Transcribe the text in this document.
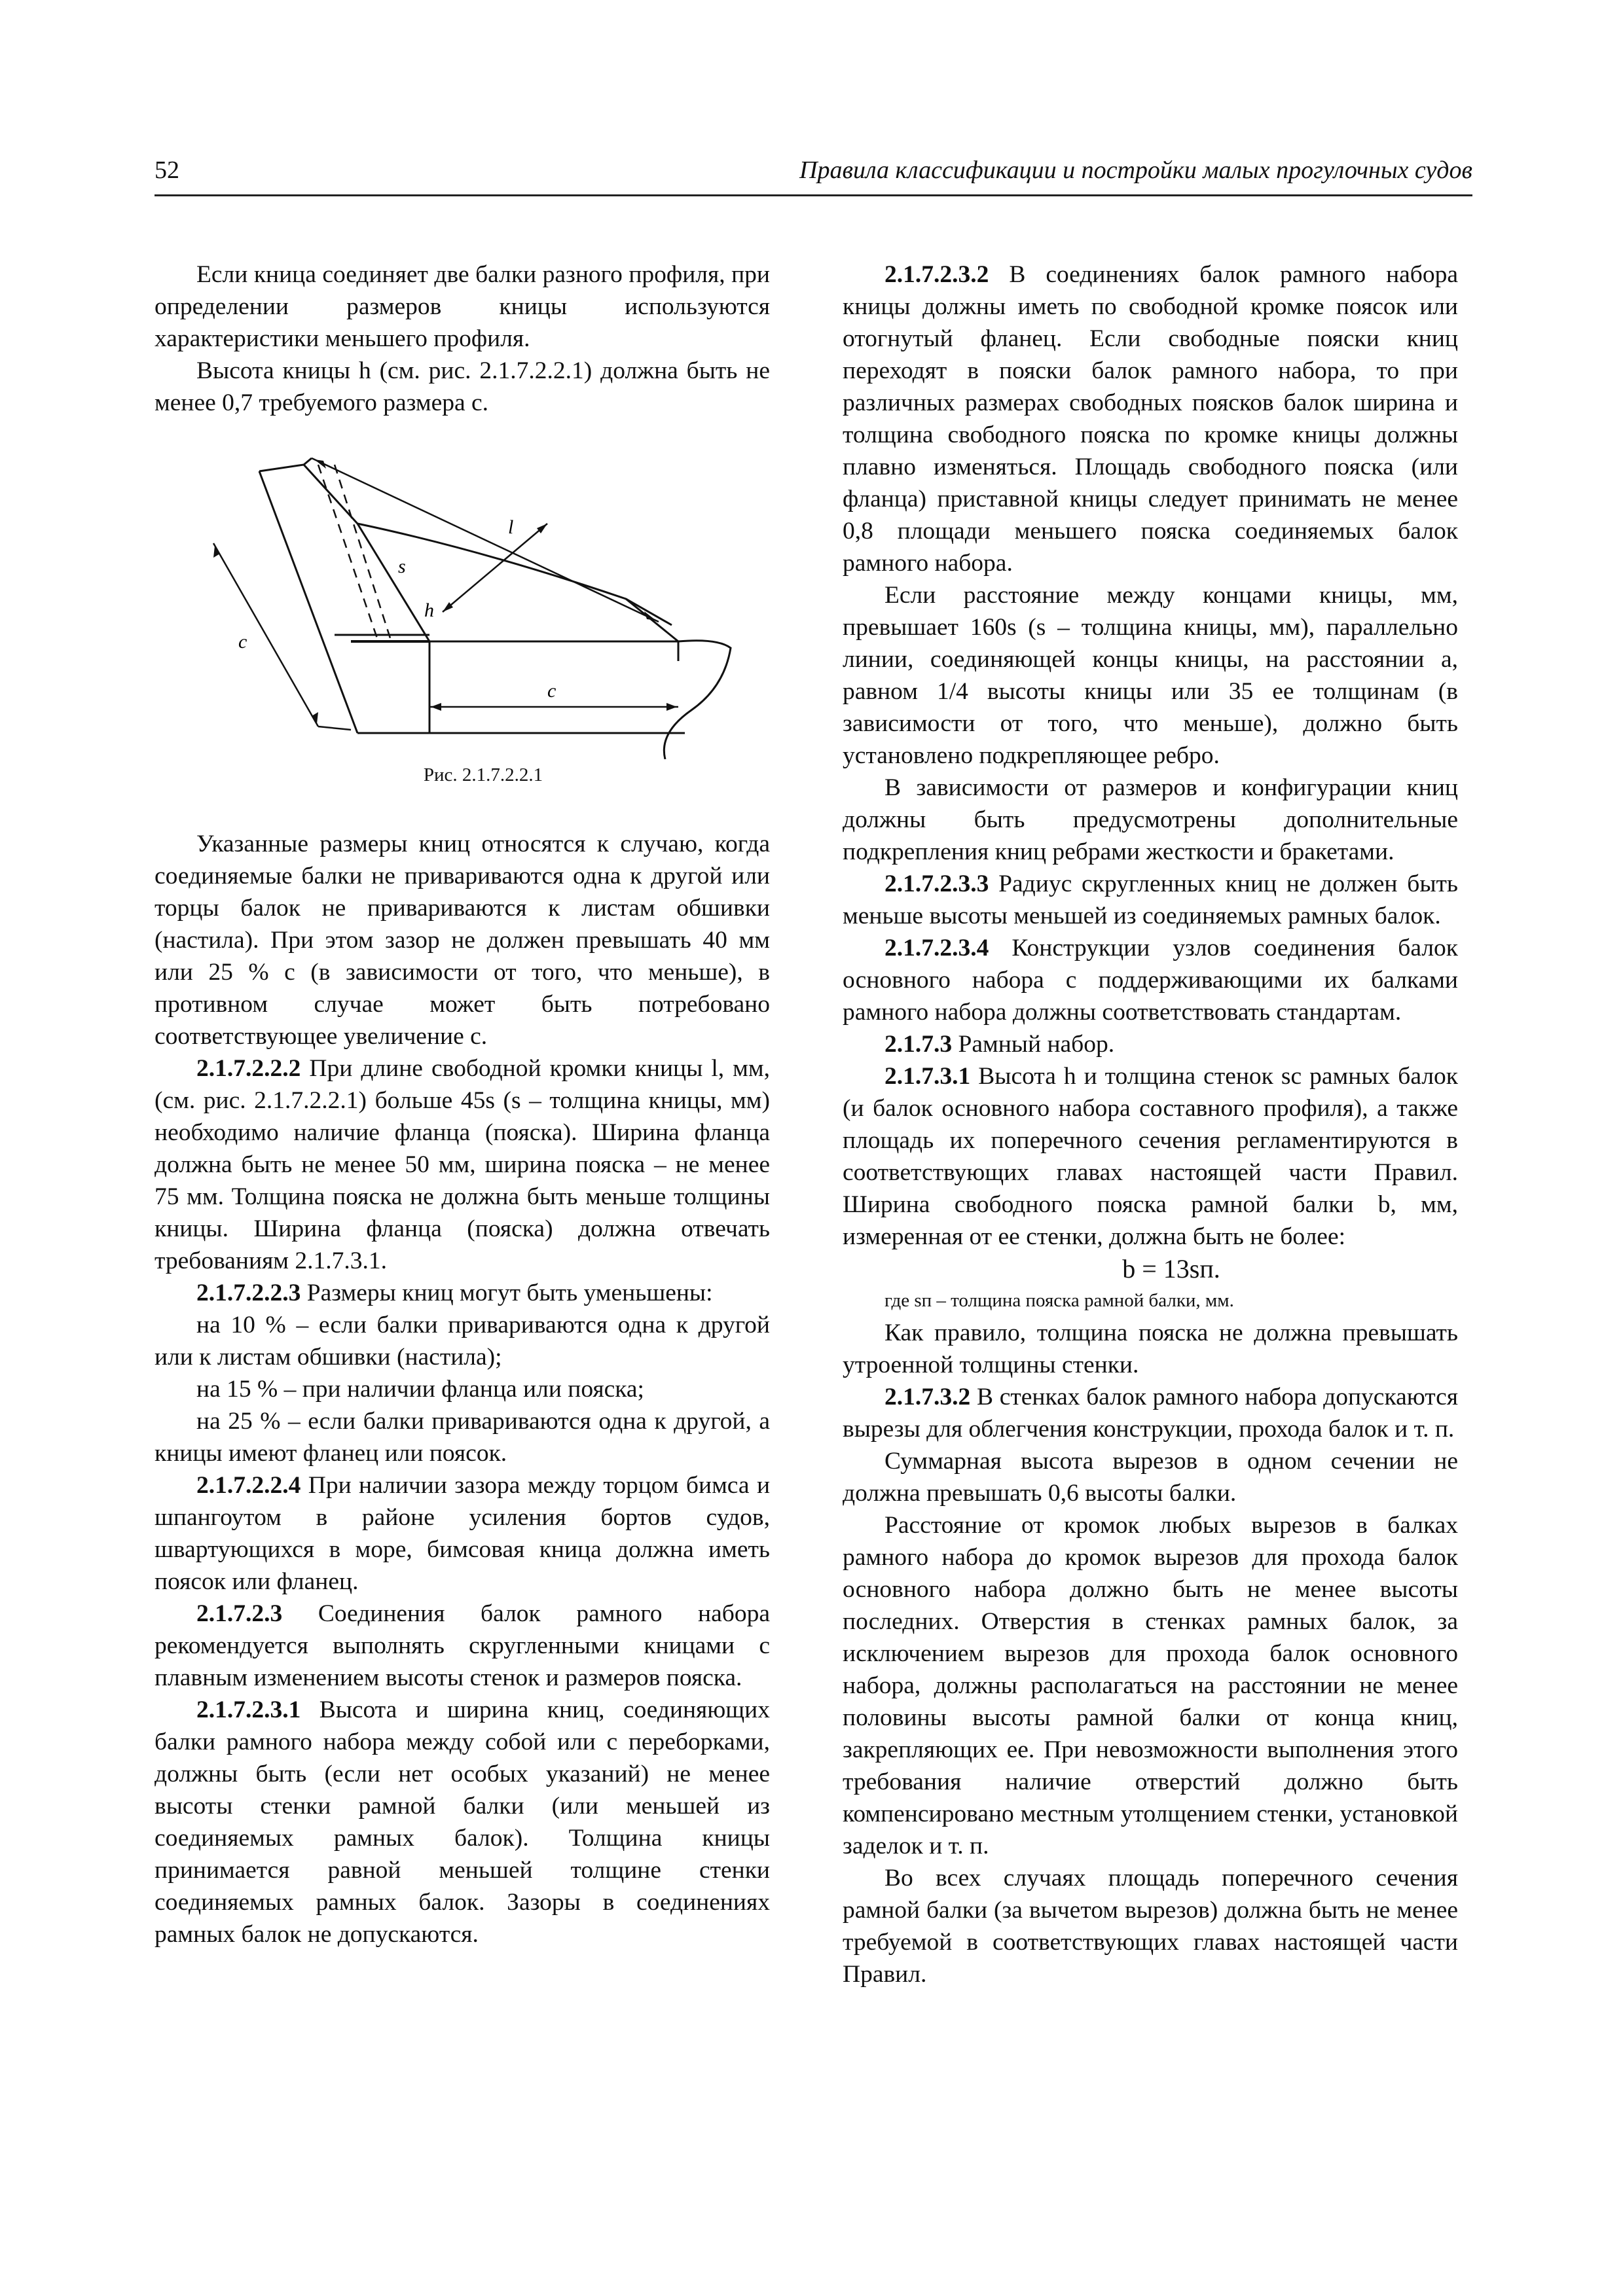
52	Правила классификации и постройки малых прогулочных судов

Если кница соединяет две балки разного профиля, при определении размеров кницы используются характеристики меньшего профиля.

Высота кницы h (см. рис. 2.1.7.2.2.1) должна быть не менее 0,7 требуемого размера c.

l
s
h
c
c

Рис. 2.1.7.2.2.1

Указанные размеры книц относятся к случаю, когда соединяемые балки не привариваются одна к другой или торцы балок не привариваются к листам обшивки (настила). При этом зазор не должен превышать 40 мм или 25 % c (в зависимости от того, что меньше), в противном случае может быть потребовано соответствующее увеличение c.

2.1.7.2.2.2 При длине свободной кромки кницы l, мм, (см. рис. 2.1.7.2.2.1) больше 45s (s – толщина кницы, мм) необходимо наличие фланца (пояска). Ширина фланца должна быть не менее 50 мм, ширина пояска – не менее 75 мм. Толщина пояска не должна быть меньше толщины кницы. Ширина фланца (пояска) должна отвечать требованиям 2.1.7.3.1.

2.1.7.2.2.3 Размеры книц могут быть уменьшены:

на 10 % – если балки привариваются одна к другой или к листам обшивки (настила);

на 15 % – при наличии фланца или пояска;

на 25 % – если балки привариваются одна к другой, а кницы имеют фланец или поясок.

2.1.7.2.2.4 При наличии зазора между торцом бимса и шпангоутом в районе усиления бортов судов, швартующихся в море, бимсовая кница должна иметь поясок или фланец.

2.1.7.2.3 Соединения балок рамного набора рекомендуется выполнять скругленными кницами с плавным изменением высоты стенок и размеров пояска.

2.1.7.2.3.1 Высота и ширина книц, соединяющих балки рамного набора между собой или с переборками, должны быть (если нет особых указаний) не менее высоты стенки рамной балки (или меньшей из соединяемых рамных балок). Толщина кницы принимается равной меньшей толщине стенки соединяемых рамных балок. Зазоры в соединениях рамных балок не допускаются.

2.1.7.2.3.2 В соединениях балок рамного набора кницы должны иметь по свободной кромке поясок или отогнутый фланец. Если свободные пояски книц переходят в пояски балок рамного набора, то при различных размерах свободных поясков балок ширина и толщина свободного пояска по кромке кницы должны плавно изменяться. Площадь свободного пояска (или фланца) приставной кницы следует принимать не менее 0,8 площади меньшего пояска соединяемых балок рамного набора.

Если расстояние между концами кницы, мм, превышает 160s (s – толщина кницы, мм), параллельно линии, соединяющей концы кницы, на расстоянии a, равном 1/4 высоты кницы или 35 ее толщинам (в зависимости от того, что меньше), должно быть установлено подкрепляющее ребро.

В зависимости от размеров и конфигурации книц должны быть предусмотрены дополнительные подкрепления книц ребрами жесткости и бракетами.

2.1.7.2.3.3 Радиус скругленных книц не должен быть меньше высоты меньшей из соединяемых рамных балок.

2.1.7.2.3.4 Конструкции узлов соединения балок основного набора с поддерживающими их балками рамного набора должны соответствовать стандартам.

2.1.7.3 Рамный набор.

2.1.7.3.1 Высота h и толщина стенок sс рамных балок (и балок основного набора составного профиля), а также площадь их поперечного сечения регламентируются в соответствующих главах настоящей части Правил. Ширина свободного пояска рамной балки b, мм, измеренная от ее стенки, должна быть не более:

b = 13sп.

где sп – толщина пояска рамной балки, мм.

Как правило, толщина пояска не должна превышать утроенной толщины стенки.

2.1.7.3.2 В стенках балок рамного набора допускаются вырезы для облегчения конструкции, прохода балок и т. п.

Суммарная высота вырезов в одном сечении не должна превышать 0,6 высоты балки.

Расстояние от кромок любых вырезов в балках рамного набора до кромок вырезов для прохода балок основного набора должно быть не менее высоты последних. Отверстия в стенках рамных балок, за исключением вырезов для прохода балок основного набора, должны располагаться на расстоянии не менее половины высоты рамной балки от конца книц, закрепляющих ее. При невозможности выполнения этого требования наличие отверстий должно быть компенсировано местным утолщением стенки, установкой заделок и т. п.

Во всех случаях площадь поперечного сечения рамной балки (за вычетом вырезов) должна быть не менее требуемой в соответствующих главах настоящей части Правил.
